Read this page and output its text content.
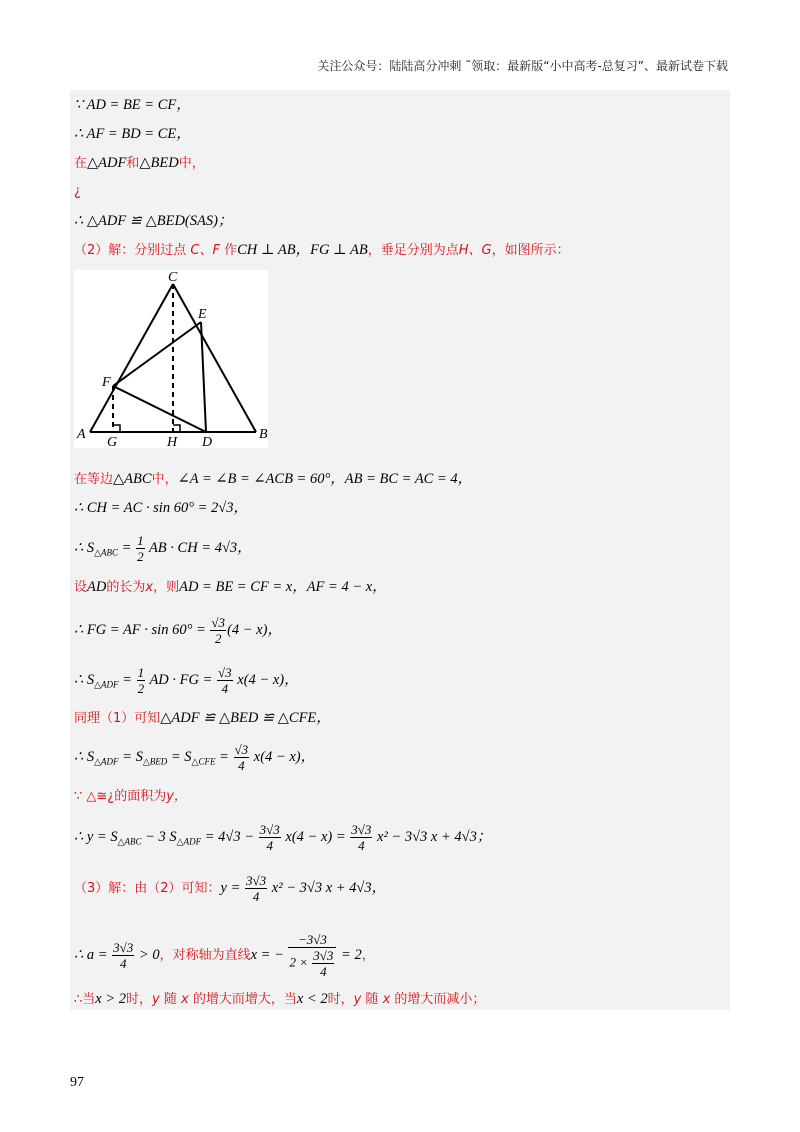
关注公众号：陆陆高分冲刺 ˜领取：最新版“小中高考-总复习”、最新试卷下载
∵ AD = BE = CF，
∴ AF = BD = CE，
在△ADF和△BED中，
¿
∴ △ADF ≌ △BED(SAS)；
（2）解：分别过点 C、F 作CH ⊥ AB，FG ⊥ AB，垂足分别为点H、G，如图所示：
A	B
C
D
E
F
G	H
在等边△ABC中，∠A = ∠B = ∠ACB = 60°，AB = BC = AC = 4，
∴ CH = AC · sin 60° = 2√3，
∴ $S_{\triangle ABC} = \frac{1}{2}$ AB · CH = 4√3，
设AD的长为x，则AD = BE = CF = x，AF = 4 − x，
∴ FG = AF · $\sin 60^\circ = \frac{√3}{2} (4 - x)$，
∴ $S_{\triangle ADF} = \frac{1}{2}$ AD · FG = $\frac{√3}{4} x(4 - x)$，
同理（1）可知△ADF ≌ △BED ≌ △CFE，
∴ $S_{\triangle ADF} = S_{\triangle BED} = S_{\triangle CFE} = \frac{√3}{4} x(4 - x)$，
∵ △≅¿的面积为y，
∴ $y = S_{\triangle ABC} - 3$ $S_{\triangle ADF} = 4√3 - \frac{3√3}{4} x(4 - x) = \frac{3√3}{4} x^2 - 3√3$ x + 4√3；
（3）解：由（2）可知：$y = \frac{3√3}{4} x^2 - 3√3$ x + 4√3，
∴ $a = \frac{3√3}{4} > 0$，对称轴为直线x = − $\frac{-3√3}{2 \times \frac{3√3}{4}} = 2$，
∴当x > 2时，y 随 x 的增大而增大，当x < 2时，y 随 x 的增大而减小；
97
